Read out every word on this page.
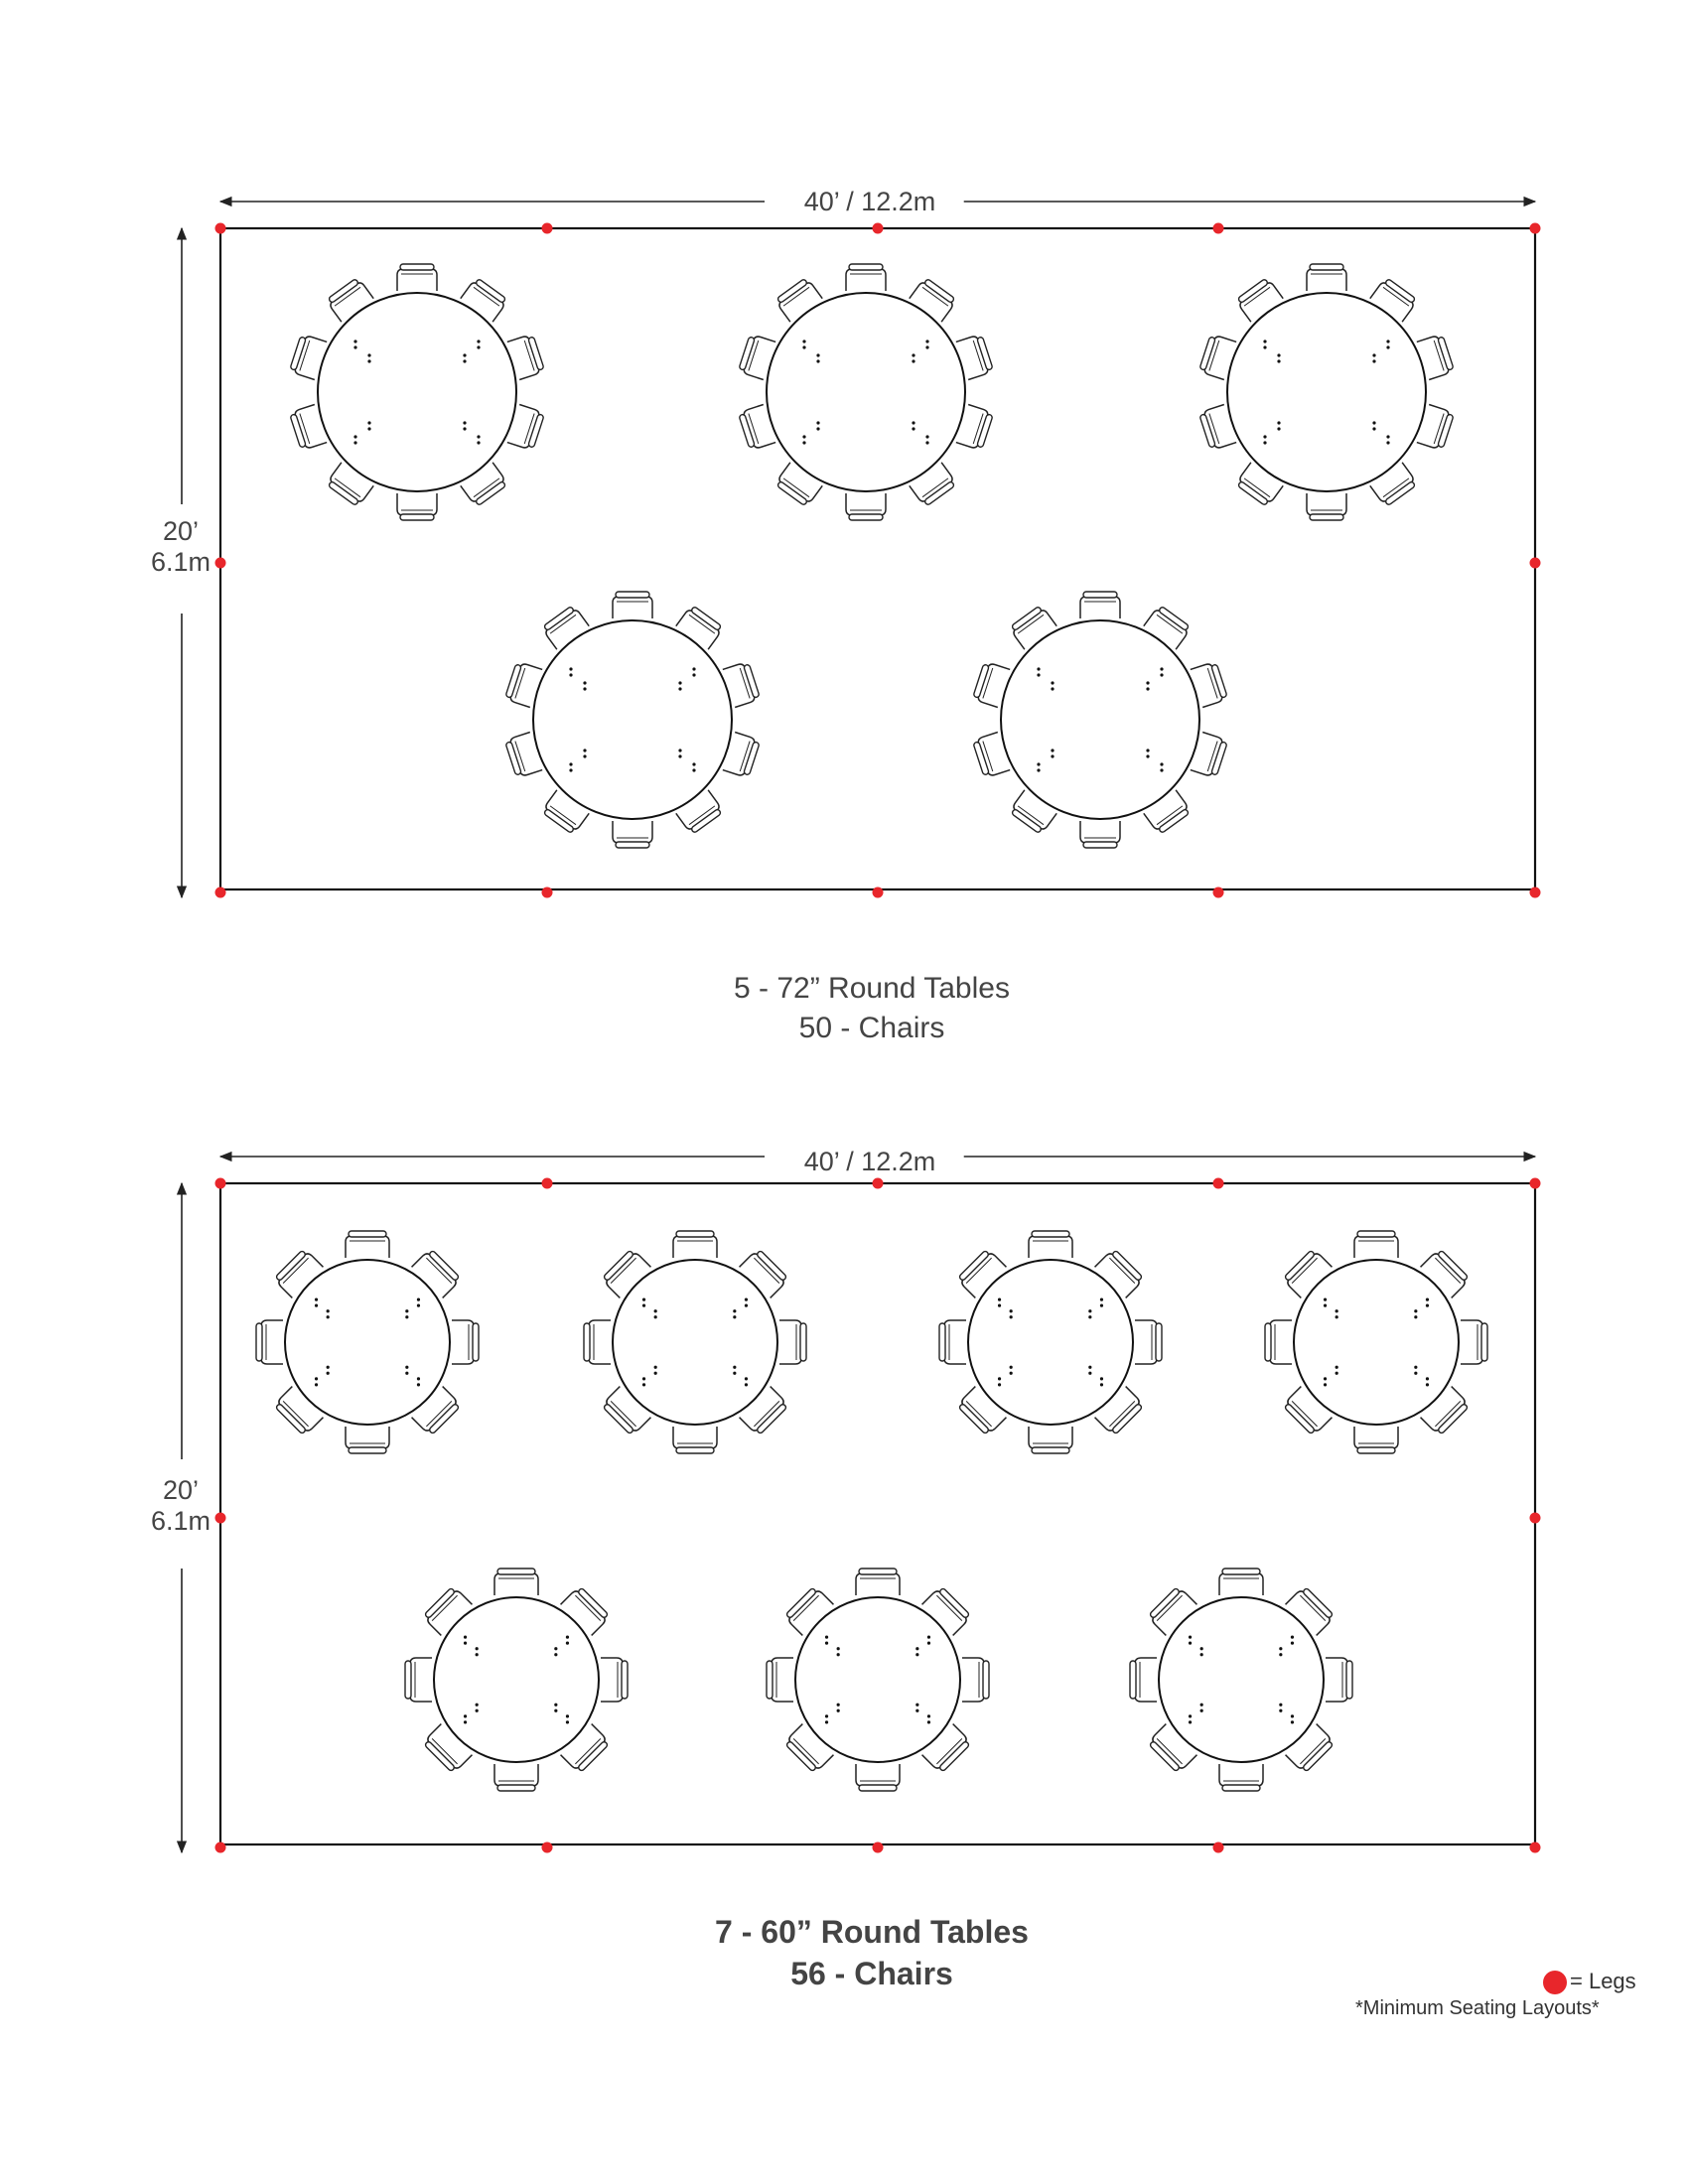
40’ / 12.2m
20’
6.1m
5 - 72” Round Tables
50 - Chairs
40’ / 12.2m
20’
6.1m
7 - 60” Round Tables
56 - Chairs	= Legs
*Minimum Seating Layouts*
